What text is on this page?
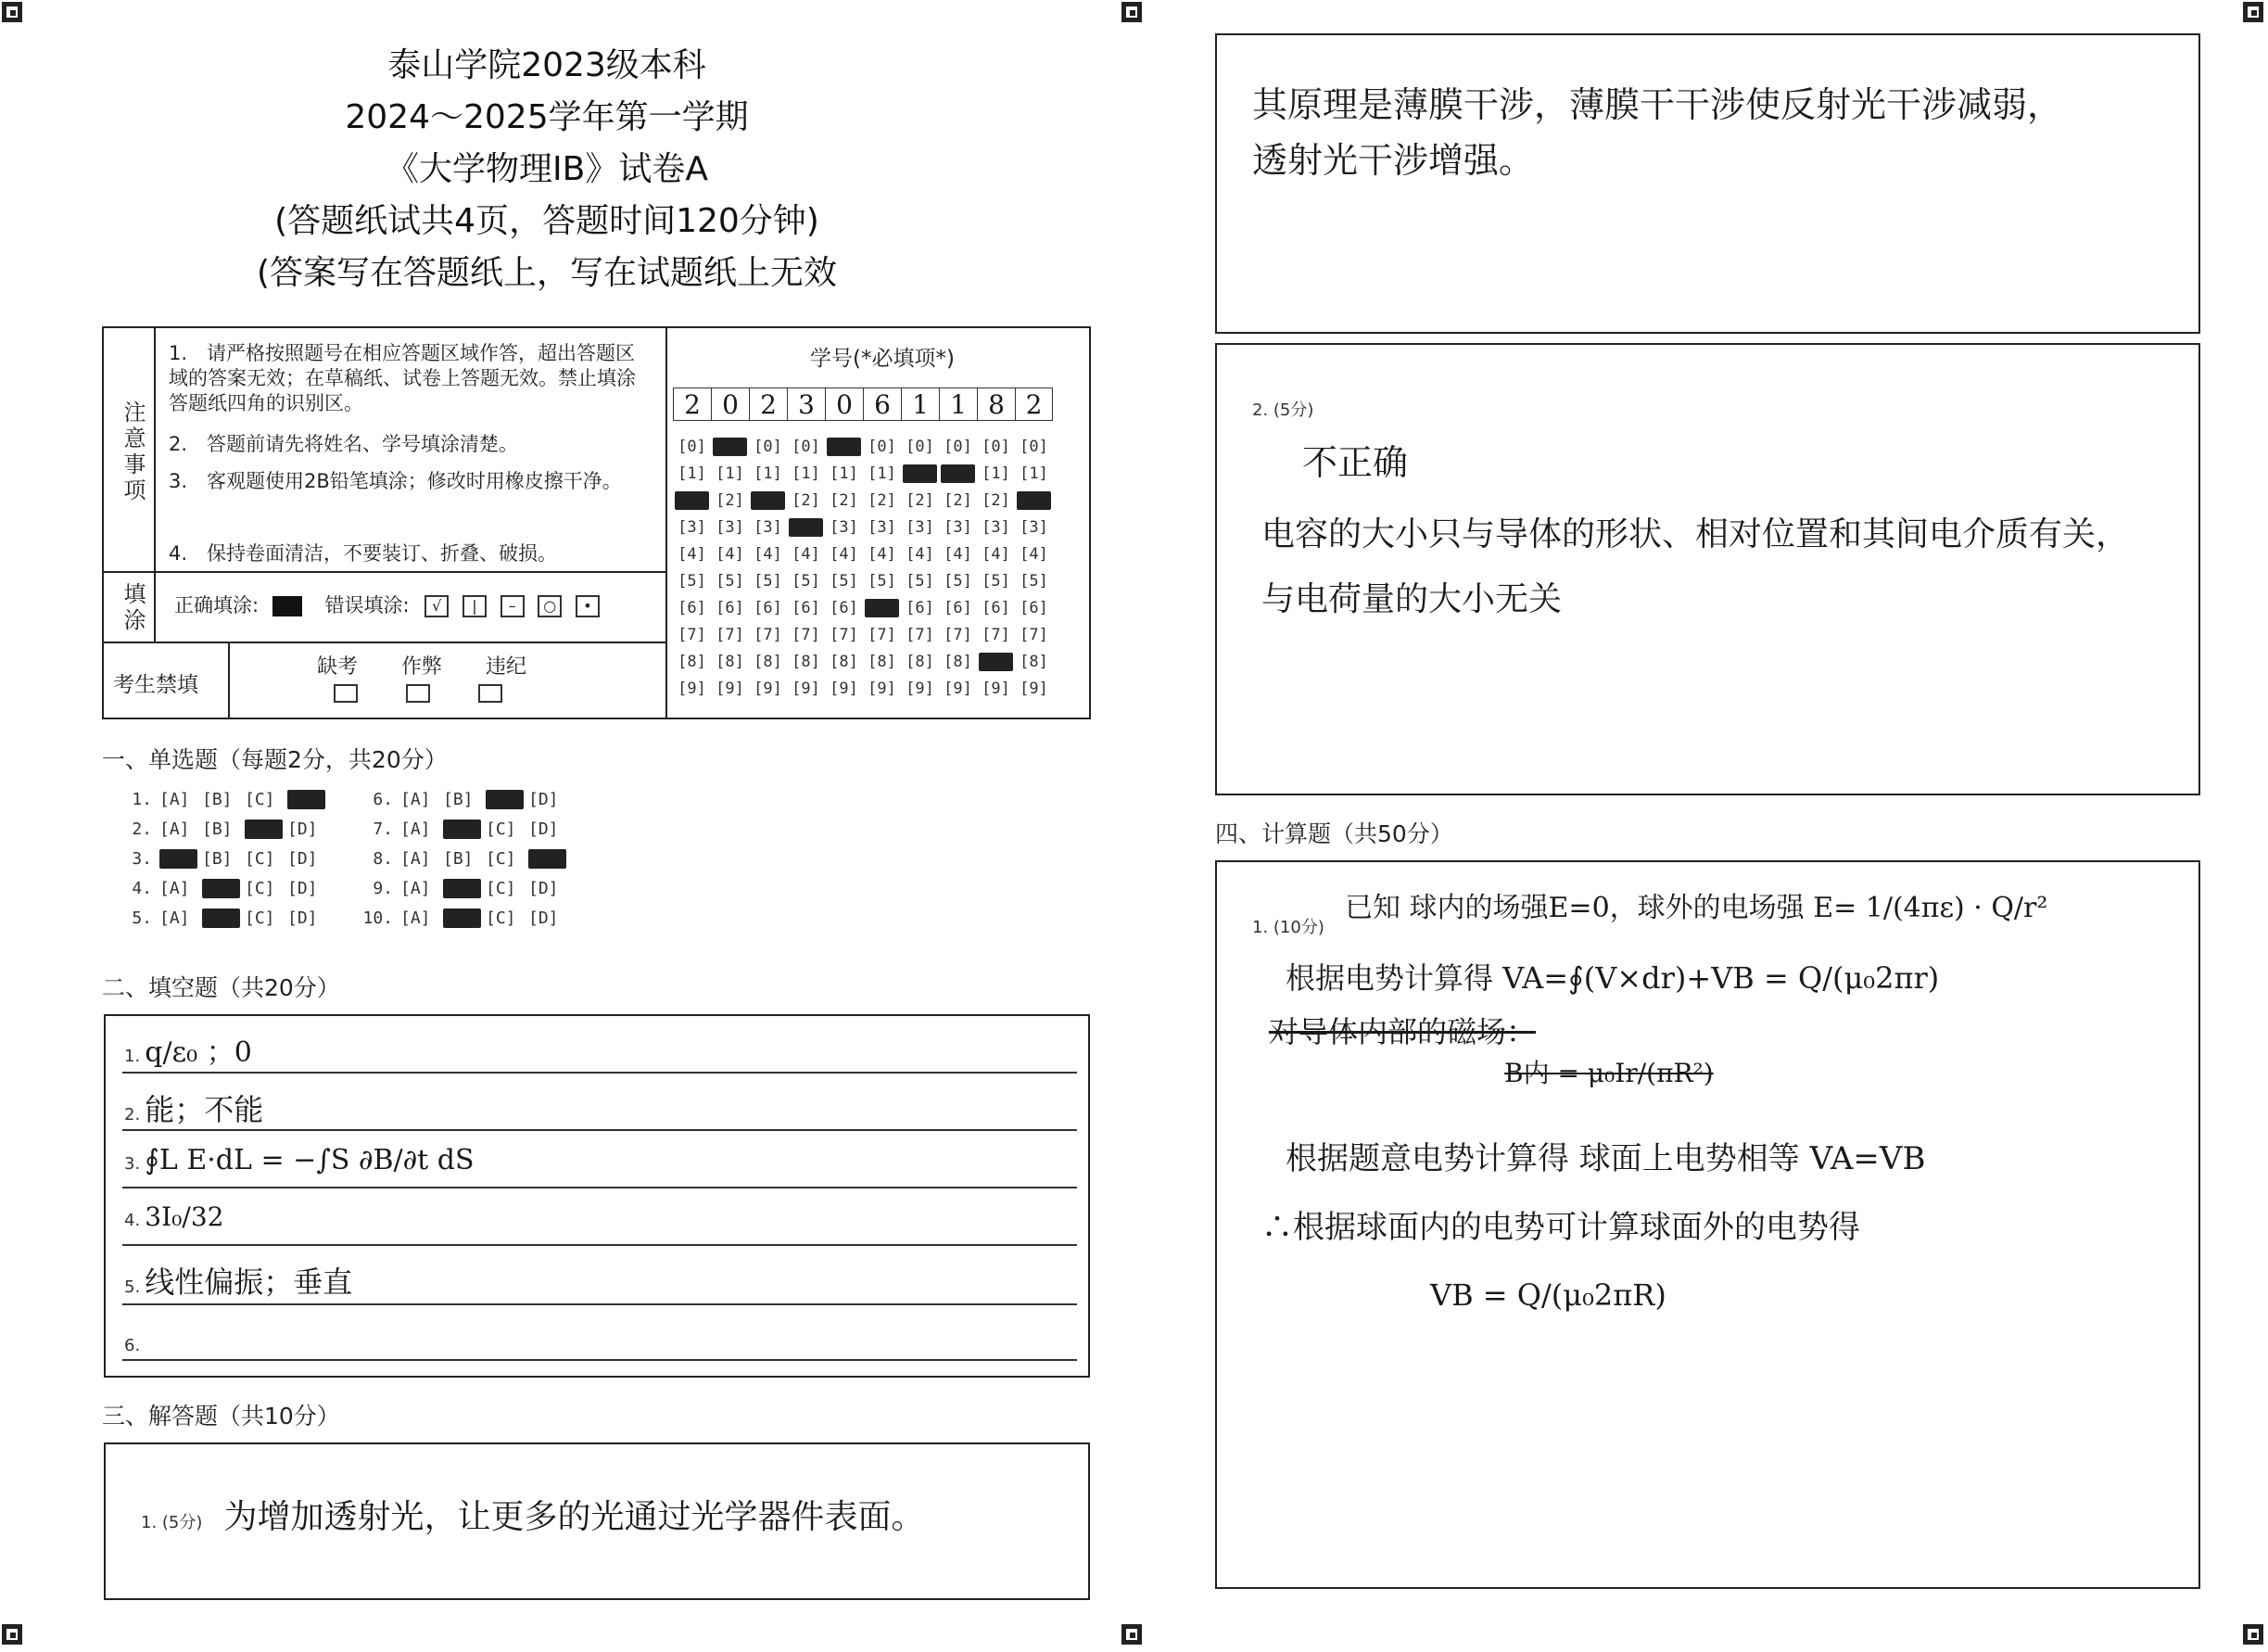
泰山学院2023级本科
2024～2025学年第一学期
《大学物理IB》试卷A
(答题纸试共4页，答题时间120分钟)
(答案写在答题纸上，写在试题纸上无效
注意事项
1.　请严格按照题号在相应答题区域作答，超出答题区域的答案无效；在草稿纸、试卷上答题无效。禁止填涂答题纸四角的识别区。
2.　答题前请先将姓名、学号填涂清楚。
3.　客观题使用2B铅笔填涂；修改时用橡皮擦干净。
4.　保持卷面清洁，不要装订、折叠、破损。
填涂 正确填涂:	错误填涂: √ | – ○ •
考生禁填
缺考 作弊 违纪
学号(*必填项*)
2 0 2 3 0 6 1 1 8 2
[0] [0] [0] [0] [0] [0] [0] [0] [0] [0]
[1] [1] [1] [1] [1] [1] [1] [1] [1] [1]
[2] [2] [2] [2] [2] [2] [2] [2] [2] [2]
[3] [3] [3] [3] [3] [3] [3] [3] [3] [3]
[4] [4] [4] [4] [4] [4] [4] [4] [4] [4]
[5] [5] [5] [5] [5] [5] [5] [5] [5] [5]
[6] [6] [6] [6] [6] [6] [6] [6] [6] [6]
[7] [7] [7] [7] [7] [7] [7] [7] [7] [7]
[8] [8] [8] [8] [8] [8] [8] [8] [8] [8]
[9] [9] [9] [9] [9] [9] [9] [9] [9] [9]
一、单选题（每题2分，共20分）
1. [A] [B] [C] [D]
2. [A] [B] [C] [D]
3. [A] [B] [C] [D]
4. [A] [B] [C] [D]
5. [A] [B] [C] [D]
6. [A] [B] [C] [D]
7. [A] [B] [C] [D]
8. [A] [B] [C] [D]
9. [A] [B] [C] [D]
10. [A] [B] [C] [D]
二、填空题（共20分）
1. q/ε₀ ；0
2. 能；不能
3. ∮L E·dL = −∫S ∂B/∂t dS
4. 3I₀/32
5. 线性偏振；垂直
6.
三、解答题（共10分）
1. (5分) 为增加透射光，让更多的光通过光学器件表面。
其原理是薄膜干涉，薄膜干干涉使反射光干涉减弱，
透射光干涉增强。
2. (5分)
不正确
电容的大小只与导体的形状、相对位置和其间电介质有关，
与电荷量的大小无关
四、计算题（共50分）
1. (10分)
已知 球内的场强E=0，球外的电场强 E= 1/(4πε) · Q/r²
根据电势计算得 VA=∮(V×dr)+VB = Q/(μ₀2πr)
对导体内部的磁场：
B内 = μ₀Ir/(πR²)
根据题意电势计算得 球面上电势相等 VA=VB
∴根据球面内的电势可计算球面外的电势得
VB = Q/(μ₀2πR)
